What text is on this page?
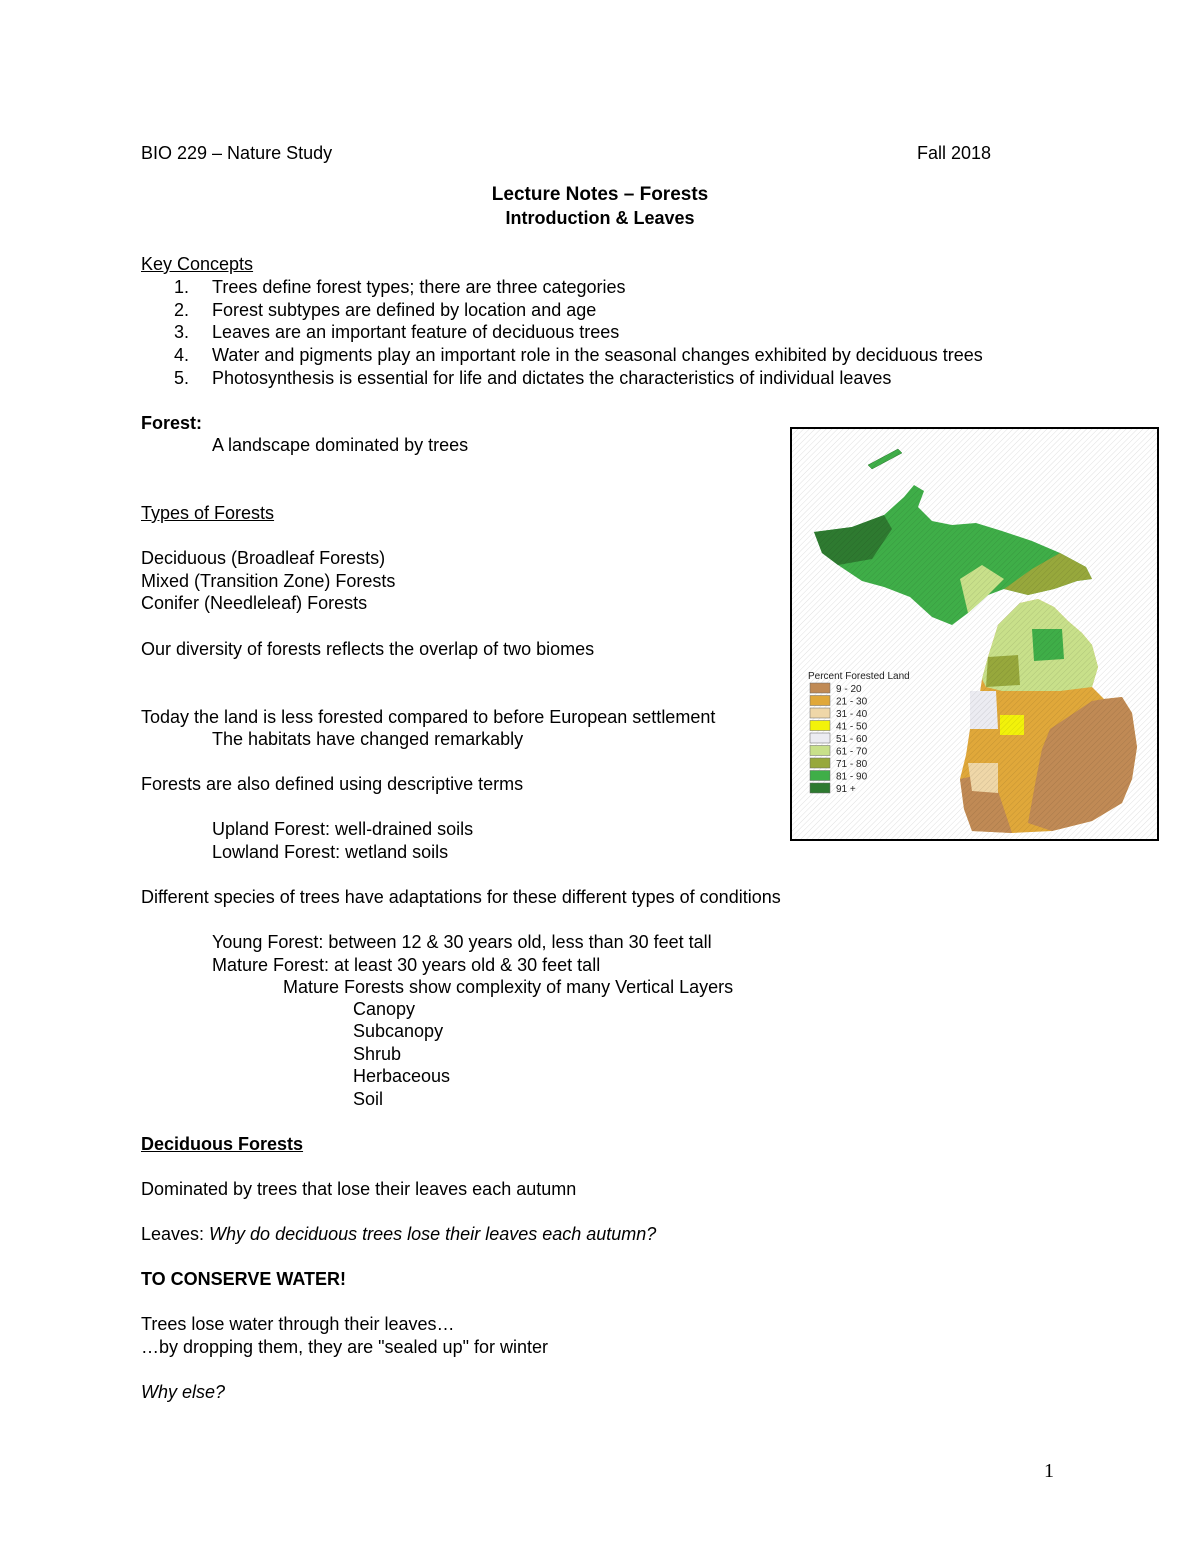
BIO 229 – Nature Study	Fall 2018
Lecture Notes – Forests
Introduction & Leaves
Key Concepts
1. Trees define forest types; there are three categories
2. Forest subtypes are defined by location and age
3. Leaves are an important feature of deciduous trees
4. Water and pigments play an important role in the seasonal changes exhibited by deciduous trees
5. Photosynthesis is essential for life and dictates the characteristics of individual leaves
Forest:
A landscape dominated by trees
Types of Forests
Deciduous (Broadleaf Forests)
Mixed (Transition Zone) Forests
Conifer (Needleleaf) Forests
Our diversity of forests reflects the overlap of two biomes
Today the land is less forested compared to before European settlement
The habitats have changed remarkably
Forests are also defined using descriptive terms
Upland Forest: well-drained soils
Lowland Forest: wetland soils
Different species of trees have adaptations for these different types of conditions
Young Forest: between 12 & 30 years old, less than 30 feet tall
Mature Forest: at least 30 years old & 30 feet tall
Mature Forests show complexity of many Vertical Layers
Canopy
Subcanopy
Shrub
Herbaceous
Soil
Deciduous Forests
Dominated by trees that lose their leaves each autumn
Leaves: Why do deciduous trees lose their leaves each autumn?
TO CONSERVE WATER!
Trees lose water through their leaves…
…by dropping them, they are "sealed up" for winter
Why else?
1
Percent Forested Land
9 - 20
21 - 30
31 - 40
41 - 50
51 - 60
61 - 70
71 - 80
81 - 90
91 +
